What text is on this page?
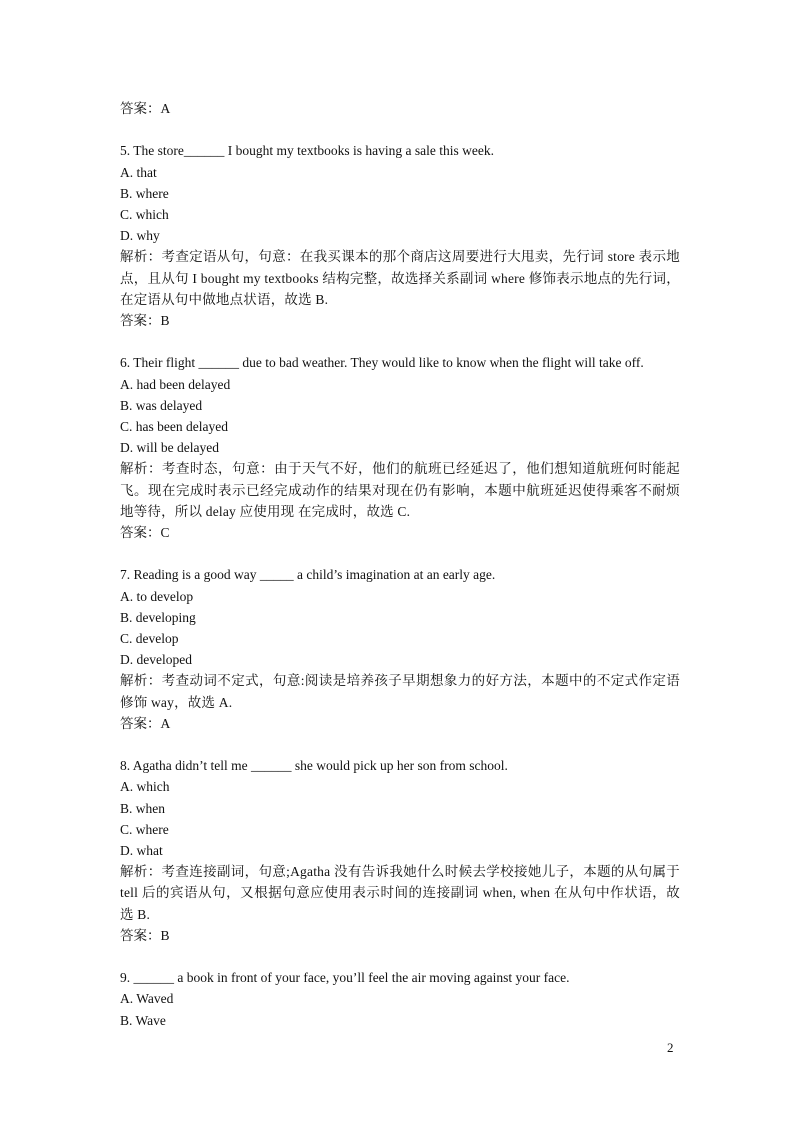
答案：A

5. The store______ I bought my textbooks is having a sale this week.

A. that

B. where

C. which

D. why

解析：考查定语从句，句意：在我买课本的那个商店这周要进行大甩卖，先行词 store 表示地点，且从句 I bought my textbooks 结构完整，故选择关系副词 where 修饰表示地点的先行词，在定语从句中做地点状语，故选 B.

答案：B

6. Their flight ______ due to bad weather. They would like to know when the flight will take off.

A. had been delayed

B. was delayed

C. has been delayed

D. will be delayed

解析：考查时态，句意：由于天气不好，他们的航班已经延迟了，他们想知道航班何时能起飞。现在完成时表示已经完成动作的结果对现在仍有影响，本题中航班延迟使得乘客不耐烦地等待，所以 delay 应使用现 在完成时，故选 C.

答案：C

7. Reading is a good way _____ a child’s imagination at an early age.

A. to develop

B. developing

C. develop

D. developed

解析：考查动词不定式，句意:阅读是培养孩子早期想象力的好方法，本题中的不定式作定语修饰 way，故选 A.

答案：A

8. Agatha didn’t tell me ______ she would pick up her son from school.

A. which

B. when

C. where

D. what

解析：考查连接副词，句意;Agatha 没有告诉我她什么时候去学校接她儿子，本题的从句属于 tell 后的宾语从句，又根据句意应使用表示时间的连接副词 when, when 在从句中作状语，故选 B.

答案：B

9. ______ a book in front of your face, you’ll feel the air moving against your face.

A. Waved

B. Wave

2
